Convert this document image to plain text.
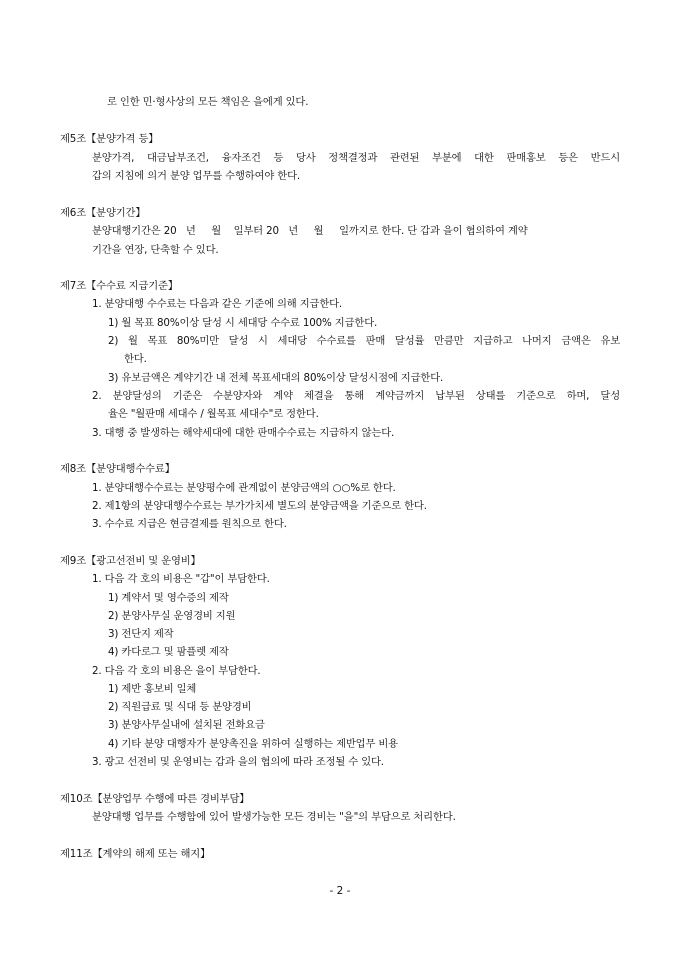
로 인한 민·형사상의 모든 책임은 을에게 있다.
제5조【분양가격 등】
분양가격, 대금납부조건, 융자조건 등 당사 정책결정과 관련된 부분에 대한 판매홍보 등은 반드시
갑의 지침에 의거 분양 업무를 수행하여야 한다.
제6조【분양기간】
분양대행기간은 20   년     월    일부터 20   년     월     일까지로 한다. 단 갑과 을이 협의하여 계약
기간을 연장, 단축할 수 있다.
제7조【수수료 지급기준】
1. 분양대행 수수료는 다음과 같은 기준에 의해 지급한다.
1) 월 목표 80%이상 달성 시 세대당 수수료 100% 지급한다.
2) 월 목표 80%미만 달성 시 세대당 수수료를 판매 달성률 만큼만 지급하고 나머지 금액은 유보
한다.
3) 유보금액은 계약기간 내 전체 목표세대의 80%이상 달성시점에 지급한다.
2. 분양달성의 기준은 수분양자와 계약 체결을 통해 계약금까지 납부된 상태를 기준으로 하며, 달성
율은 "월판매 세대수 / 월목표 세대수"로 정한다.
3. 대행 중 발생하는 해약세대에 대한 판매수수료는 지급하지 않는다.
제8조【분양대행수수료】
1. 분양대행수수료는 분양평수에 관계없이 분양금액의 ○○%로 한다.
2. 제1항의 분양대행수수료는 부가가치세 별도의 분양금액을 기준으로 한다.
3. 수수료 지급은 현금결제를 원칙으로 한다.
제9조【광고선전비 및 운영비】
1. 다음 각 호의 비용은 "갑"이 부담한다.
1) 계약서 및 영수증의 제작
2) 분양사무실 운영경비 지원
3) 전단지 제작
4) 카다로그 및 팜플렛 제작
2. 다음 각 호의 비용은 을이 부담한다.
1) 제반 홍보비 일체
2) 직원급료 및 식대 등 분양경비
3) 분양사무실내에 설치된 전화요금
4) 기타 분양 대행자가 분양촉진을 위하여 실행하는 제반업무 비용
3. 광고 선전비 및 운영비는 갑과 을의 협의에 따라 조정될 수 있다.
제10조【분양업무 수행에 따른 경비부담】
분양대행 업무를 수행함에 있어 발생가능한 모든 경비는 "을"의 부담으로 처리한다.
제11조【계약의 해제 또는 해지】
- 2 -
